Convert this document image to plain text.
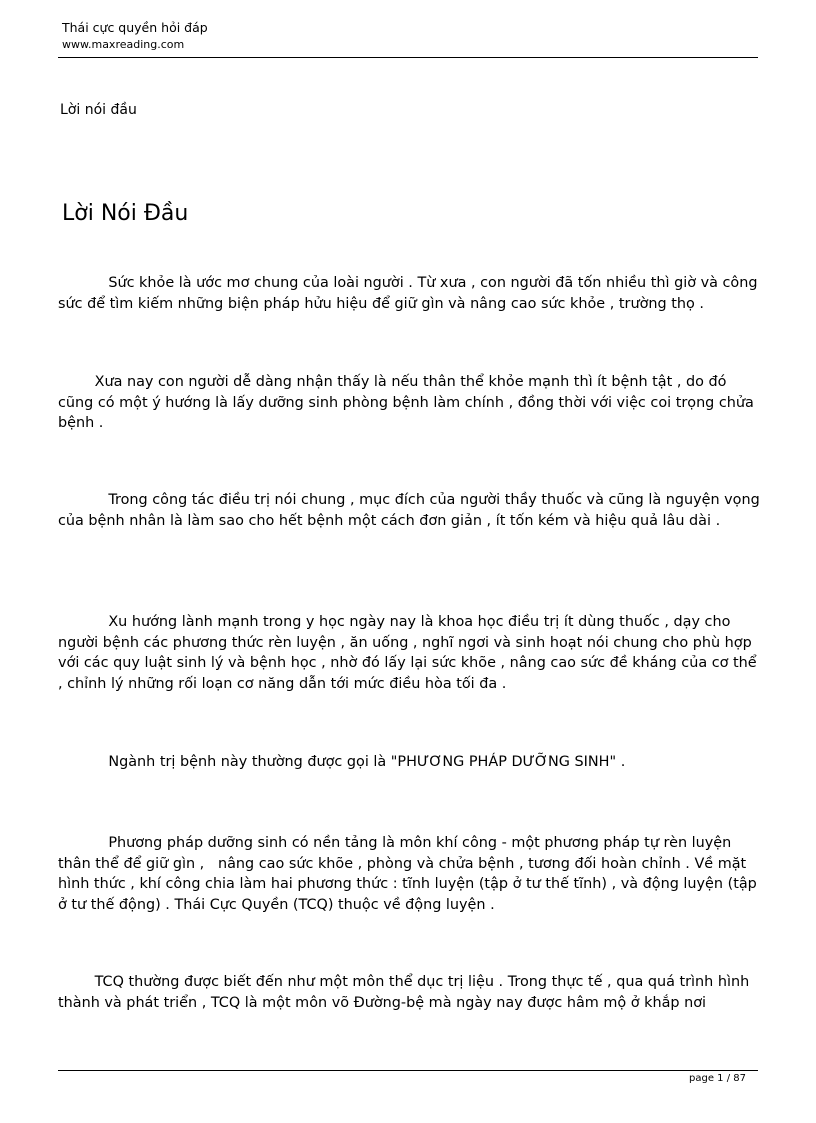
Thái cực quyền hỏi đáp
www.maxreading.com
Lời nói đầu
Lời Nói Đầu

Sức khỏe là ước mơ chung của loài người . Từ xưa , con người đã tốn nhiều thì giờ và công sức để tìm kiếm những biện pháp hửu hiệu để giữ gìn và nâng cao sức khỏe , trường thọ .

Xưa nay con người dễ dàng nhận thấy là nếu thân thể khỏe mạnh thì ít bệnh tật , do đó cũng có một ý hướng là lấy dưỡng sinh phòng bệnh làm chính , đồng thời với việc coi trọng chửa bệnh .

Trong công tác điều trị nói chung , mục đích của người thầy thuốc và cũng là nguyện vọng của bệnh nhân là làm sao cho hết bệnh một cách đơn giản , ít tốn kém và hiệu quả lâu dài .

Xu hướng lành mạnh trong y học ngày nay là khoa học điều trị ít dùng thuốc , dạy cho người bệnh các phương thức rèn luyện , ăn uống , nghĩ ngơi và sinh hoạt nói chung cho phù hợp với các quy luật sinh lý và bệnh học , nhờ đó lấy lại sức khõe , nâng cao sức đề kháng của cơ thể , chỉnh lý những rối loạn cơ năng dẫn tới mức điều hòa tối đa .

Ngành trị bệnh này thường được gọi là "PHƯƠNG PHÁP DƯỠNG SINH" .

Phương pháp dưỡng sinh có nền tảng là môn khí công - một phương pháp tự rèn luyện thân thể để giữ gìn ,   nâng cao sức khõe , phòng và chửa bệnh , tương đối hoàn chỉnh . Về mặt hình thức , khí công chia làm hai phương thức : tĩnh luyện (tập ở tư thế tĩnh) , và động luyện (tập ở tư thế động) . Thái Cực Quyền (TCQ) thuộc về động luyện .

TCQ thường được biết đến như một môn thể dục trị liệu . Trong thực tế , qua quá trình hình thành và phát triển , TCQ là một môn võ Đường-bệ mà ngày nay được hâm mộ ở khắp nơi

page 1 / 87
